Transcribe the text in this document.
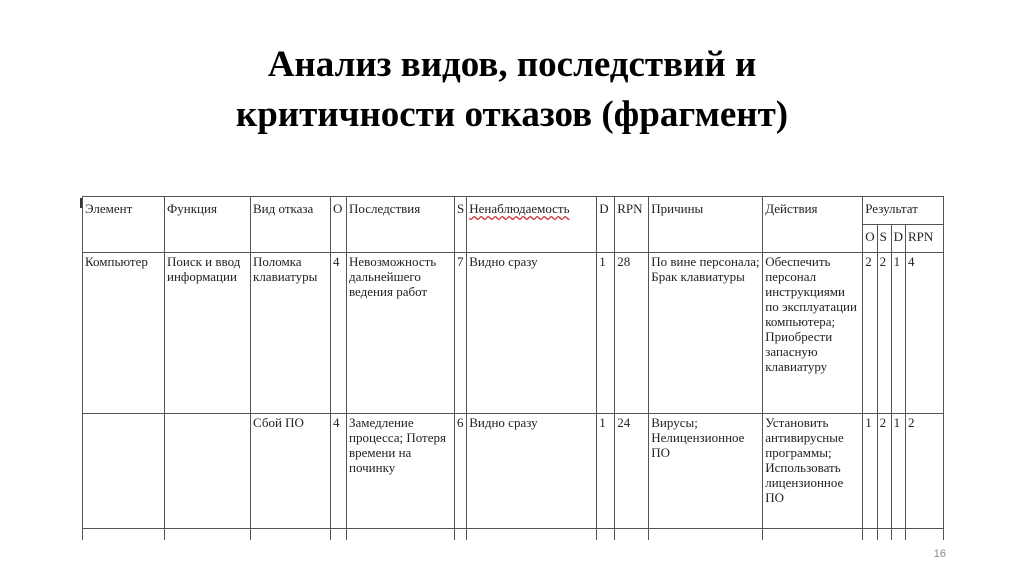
Анализ видов, последствий и
критичности отказов (фрагмент)
Элемент	Функция	Вид отказа	O	Последствия	S	Ненаблюдаемость	D	RPN	Причины	Действия	Результат			
											O	S	D	RPN
Компьютер	Поиск и ввод информации	Поломка клавиатуры	4	Невозможность дальнейшего ведения работ	7	Видно сразу	1	28	По вине персонала; Брак клавиатуры	Обеспечить персонал инструкциями по эксплуатации компьютера; Приобрести запасную клавиатуру	2	2	1	4
		Сбой ПО	4	Замедление процесса; Потеря времени на починку	6	Видно сразу	1	24	Вирусы; Нелицензионное ПО	Установить антивирусные программы; Использовать лицензионное ПО	1	2	1	2

16
